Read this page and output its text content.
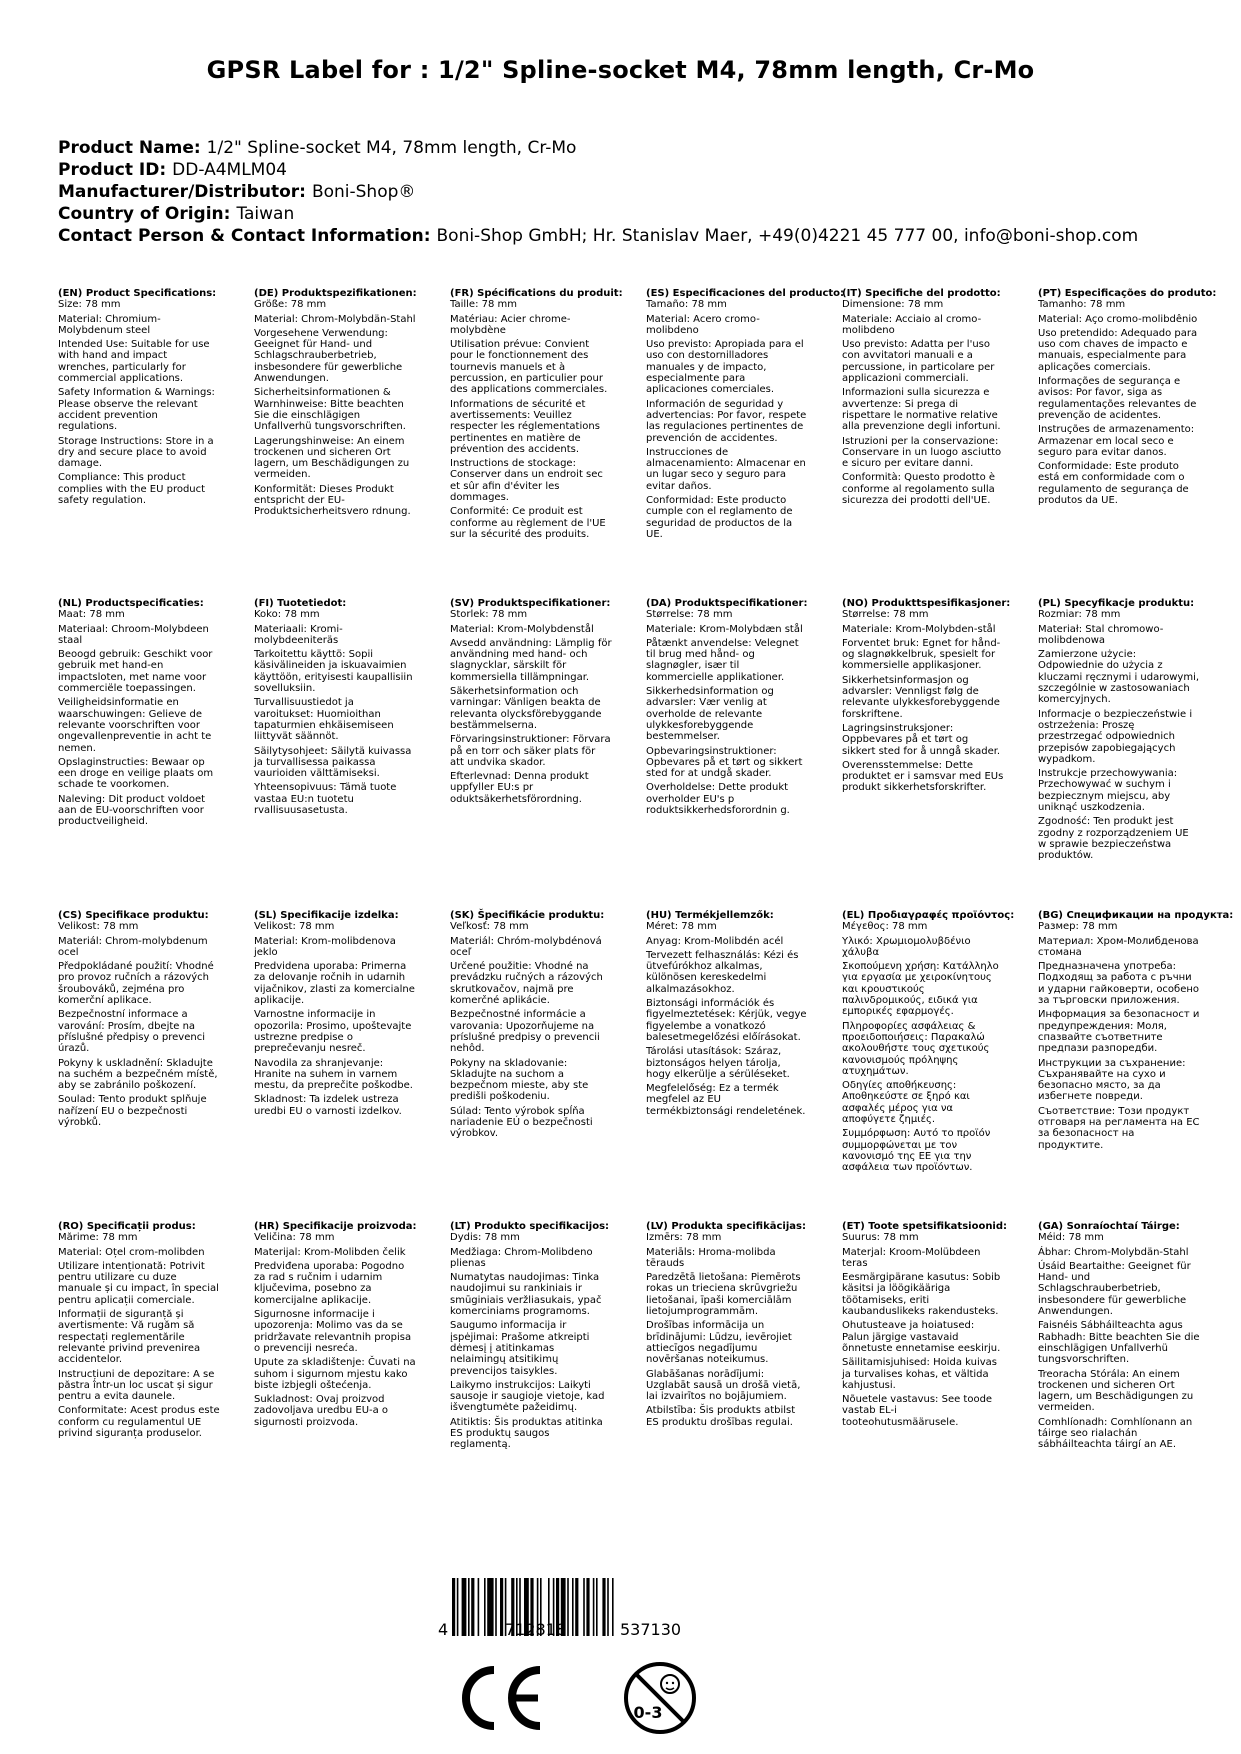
GPSR Label for : 1/2" Spline-socket M4, 78mm length, Cr-Mo
Product Name: 1/2" Spline-socket M4, 78mm length, Cr-Mo
Product ID: DD-A4MLM04
Manufacturer/Distributor: Boni-Shop®
Country of Origin: Taiwan
Contact Person & Contact Information: Boni-Shop GmbH; Hr. Stanislav Maer, +49(0)4221 45 777 00, info@boni-shop.com
(EN) Product Specifications:
Size: 78 mm
Material: Chromium-Molybdenum steel
Intended Use: Suitable for use with hand and impact wrenches, particularly for commercial applications.
Safety Information & Warnings: Please observe the relevant accident prevention regulations.
Storage Instructions: Store in a dry and secure place to avoid damage.
Compliance: This product complies with the EU product safety regulation.
(DE) Produktspezifikationen:
Größe: 78 mm
Material: Chrom-Molybdän-Stahl
Vorgesehene Verwendung: Geeignet für Hand- und Schlagschrauberbetrieb, insbesondere für gewerbliche Anwendungen.
Sicherheitsinformationen & Warnhinweise: Bitte beachten Sie die einschlägigen Unfallverhü tungsvorschriften.
Lagerungshinweise: An einem trockenen und sicheren Ort lagern, um Beschädigungen zu vermeiden.
Konformität: Dieses Produkt entspricht der EU-Produktsicherheitsvero rdnung.
(FR) Spécifications du produit:
Taille: 78 mm
Matériau: Acier chrome-molybdène
Utilisation prévue: Convient pour le fonctionnement des tournevis manuels et à percussion, en particulier pour des applications commerciales.
Informations de sécurité et avertissements: Veuillez respecter les réglementations pertinentes en matière de prévention des accidents.
Instructions de stockage: Conserver dans un endroit sec et sûr afin d'éviter les dommages.
Conformité: Ce produit est conforme au règlement de l'UE sur la sécurité des produits.
(ES) Especificaciones del producto:
Tamaño: 78 mm
Material: Acero cromo-molibdeno
Uso previsto: Apropiada para el uso con destornilladores manuales y de impacto, especialmente para aplicaciones comerciales.
Información de seguridad y advertencias: Por favor, respete las regulaciones pertinentes de prevención de accidentes.
Instrucciones de almacenamiento: Almacenar en un lugar seco y seguro para evitar daños.
Conformidad: Este producto cumple con el reglamento de seguridad de productos de la UE.
(IT) Specifiche del prodotto:
Dimensione: 78 mm
Materiale: Acciaio al cromo-molibdeno
Uso previsto: Adatta per l'uso con avvitatori manuali e a percussione, in particolare per applicazioni commerciali.
Informazioni sulla sicurezza e avvertenze: Si prega di rispettare le normative relative alla prevenzione degli infortuni.
Istruzioni per la conservazione: Conservare in un luogo asciutto e sicuro per evitare danni.
Conformità: Questo prodotto è conforme al regolamento sulla sicurezza dei prodotti dell'UE.
(PT) Especificações do produto:
Tamanho: 78 mm
Material: Aço cromo-molibdênio
Uso pretendido: Adequado para uso com chaves de impacto e manuais, especialmente para aplicações comerciais.
Informações de segurança e avisos: Por favor, siga as regulamentações relevantes de prevenção de acidentes.
Instruções de armazenamento: Armazenar em local seco e seguro para evitar danos.
Conformidade: Este produto está em conformidade com o regulamento de segurança de produtos da UE.
(NL) Productspecificaties:
Maat: 78 mm
Materiaal: Chroom-Molybdeen staal
Beoogd gebruik: Geschikt voor gebruik met hand-en impactsloten, met name voor commerciële toepassingen.
Veiligheidsinformatie en waarschuwingen: Gelieve de relevante voorschriften voor ongevallenpreventie in acht te nemen.
Opslaginstructies: Bewaar op een droge en veilige plaats om schade te voorkomen.
Naleving: Dit product voldoet aan de EU-voorschriften voor productveiligheid.
(FI) Tuotetiedot:
Koko: 78 mm
Materiaali: Kromi-molybdeeniteräs
Tarkoitettu käyttö: Sopii käsivälineiden ja iskuavaimien käyttöön, erityisesti kaupallisiin sovelluksiin.
Turvallisuustiedot ja varoitukset: Huomioithan tapaturmien ehkäisemiseen liittyvät säännöt.
Säilytysohjeet: Säilytä kuivassa ja turvallisessa paikassa vaurioiden välttämiseksi.
Yhteensopivuus: Tämä tuote vastaa EU:n tuotetu rvallisuusasetusta.
(SV) Produktspecifikationer:
Storlek: 78 mm
Material: Krom-Molybdenstål
Avsedd användning: Lämplig för användning med hand- och slagnycklar, särskilt för kommersiella tillämpningar.
Säkerhetsinformation och varningar: Vänligen beakta de relevanta olycksförebyggande bestämmelserna.
Förvaringsinstruktioner: Förvara på en torr och säker plats för att undvika skador.
Efterlevnad: Denna produkt uppfyller EU:s pr oduktsäkerhetsförordning.
(DA) Produktspecifikationer:
Størrelse: 78 mm
Materiale: Krom-Molybdæn stål
Påtænkt anvendelse: Velegnet til brug med hånd- og slagnøgler, især til kommercielle applikationer.
Sikkerhedsinformation og advarsler: Vær venlig at overholde de relevante ulykkesforebyggende bestemmelser.
Opbevaringsinstruktioner: Opbevares på et tørt og sikkert sted for at undgå skader.
Overholdelse: Dette produkt overholder EU's p roduktsikkerhedsforordnin g.
(NO) Produkttspesifikasjoner:
Størrelse: 78 mm
Materiale: Krom-Molybden-stål
Forventet bruk: Egnet for hånd- og slagnøkkelbruk, spesielt for kommersielle applikasjoner.
Sikkerhetsinformasjon og advarsler: Vennligst følg de relevante ulykkesforebyggende forskriftene.
Lagringsinstruksjoner: Oppbevares på et tørt og sikkert sted for å unngå skader.
Overensstemmelse: Dette produktet er i samsvar med EUs produkt sikkerhetsforskrifter.
(PL) Specyfikacje produktu:
Rozmiar: 78 mm
Materiał: Stal chromowo-molibdenowa
Zamierzone użycie: Odpowiednie do użycia z kluczami ręcznymi i udarowymi, szczególnie w zastosowaniach komercyjnych.
Informacje o bezpieczeństwie i ostrzeżenia: Proszę przestrzegać odpowiednich przepisów zapobiegających wypadkom.
Instrukcje przechowywania: Przechowywać w suchym i bezpiecznym miejscu, aby uniknąć uszkodzenia.
Zgodność: Ten produkt jest zgodny z rozporządzeniem UE w sprawie bezpieczeństwa produktów.
(CS) Specifikace produktu:
Velikost: 78 mm
Materiál: Chrom-molybdenum ocel
Předpokládané použití: Vhodné pro provoz ručních a rázových šroubováků, zejména pro komerční aplikace.
Bezpečnostní informace a varování: Prosím, dbejte na příslušné předpisy o prevenci úrazů.
Pokyny k uskladnění: Skladujte na suchém a bezpečném místě, aby se zabránilo poškození.
Soulad: Tento produkt splňuje nařízení EU o bezpečnosti výrobků.
(SL) Specifikacije izdelka:
Velikost: 78 mm
Material: Krom-molibdenova jeklo
Predvidena uporaba: Primerna za delovanje ročnih in udarnih vijačnikov, zlasti za komercialne aplikacije.
Varnostne informacije in opozorila: Prosimo, upoštevajte ustrezne predpise o preprečevanju nesreč.
Navodila za shranjevanje: Hranite na suhem in varnem mestu, da preprečite poškodbe.
Skladnost: Ta izdelek ustreza uredbi EU o varnosti izdelkov.
(SK) Špecifikácie produktu:
Veľkosť: 78 mm
Materiál: Chróm-molybdénová oceľ
Určené použitie: Vhodné na prevádzku ručných a rázových skrutkovačov, najmä pre komerčné aplikácie.
Bezpečnostné informácie a varovania: Upozorňujeme na príslušné predpisy o prevencii nehôd.
Pokyny na skladovanie: Skladujte na suchom a bezpečnom mieste, aby ste predišli poškodeniu.
Súlad: Tento výrobok spĺňa nariadenie EÚ o bezpečnosti výrobkov.
(HU) Termékjellemzők:
Méret: 78 mm
Anyag: Krom-Molibdén acél
Tervezett felhasználás: Kézi és ütvefúrókhoz alkalmas, különösen kereskedelmi alkalmazásokhoz.
Biztonsági információk és figyelmeztetések: Kérjük, vegye figyelembe a vonatkozó balesetmegelőzési előírásokat.
Tárolási utasítások: Száraz, biztonságos helyen tárolja, hogy elkerülje a sérüléseket.
Megfelelőség: Ez a termék megfelel az EU termékbiztonsági rendeletének.
(EL) Προδιαγραφές προϊόντος:
Μέγεθος: 78 mm
Υλικό: Χρωμιομολυβδένιο χάλυβα
Σκοπούμενη χρήση: Κατάλληλο για εργασία με χειροκίνητους και κρουστικούς παλινδρομικούς, ειδικά για εμπορικές εφαρμογές.
Πληροφορίες ασφάλειας & προειδοποιήσεις: Παρακαλώ ακολουθήστε τους σχετικούς κανονισμούς πρόληψης ατυχημάτων.
Οδηγίες αποθήκευσης: Αποθηκεύστε σε ξηρό και ασφαλές μέρος για να αποφύγετε ζημιές.
Συμμόρφωση: Αυτό το προϊόν συμμορφώνεται με τον κανονισμό της ΕΕ για την ασφάλεια των προϊόντων.
(BG) Спецификации на продукта:
Размер: 78 mm
Материал: Хром-Молибденова стомана
Предназначена употреба: Подходящ за работа с ръчни и ударни гайковерти, особено за търговски приложения.
Информация за безопасност и предупреждения: Моля, спазвайте съответните предпази разпоредби.
Инструкции за съхранение: Съхранявайте на сухо и безопасно място, за да избегнете повреди.
Съответствие: Този продукт отговаря на регламента на ЕС за безопасност на продуктите.
(RO) Specificații produs:
Mărime: 78 mm
Material: Oțel crom-molibden
Utilizare intenționată: Potrivit pentru utilizare cu duze manuale și cu impact, în special pentru aplicații comerciale.
Informații de siguranță și avertismente: Vă rugăm să respectați reglementările relevante privind prevenirea accidentelor.
Instrucțiuni de depozitare: A se păstra într-un loc uscat și sigur pentru a evita daunele.
Conformitate: Acest produs este conform cu regulamentul UE privind siguranța produselor.
(HR) Specifikacije proizvoda:
Veličina: 78 mm
Materijal: Krom-Molibden čelik
Predviđena uporaba: Pogodno za rad s ručnim i udarnim ključevima, posebno za komercijalne aplikacije.
Sigurnosne informacije i upozorenja: Molimo vas da se pridržavate relevantnih propisa o prevenciji nesreća.
Upute za skladištenje: Čuvati na suhom i sigurnom mjestu kako biste izbjegli oštećenja.
Sukladnost: Ovaj proizvod zadovoljava uredbu EU-a o sigurnosti proizvoda.
(LT) Produkto specifikacijos:
Dydis: 78 mm
Medžiaga: Chrom-Molibdeno plienas
Numatytas naudojimas: Tinka naudojimui su rankiniais ir smūginiais veržliasukais, ypač komerciniams programoms.
Saugumo informacija ir įspėjimai: Prašome atkreipti dėmesį į atitinkamas nelaimingų atsitikimų prevencijos taisykles.
Laikymo instrukcijos: Laikyti sausoje ir saugioje vietoje, kad išvengtumėte pažeidimų.
Atitiktis: Šis produktas atitinka ES produktų saugos reglamentą.
(LV) Produkta specifikācijas:
Izmērs: 78 mm
Materiāls: Hroma-molibda tērauds
Paredzētā lietošana: Piemērots rokas un trieciena skrūvgriežu lietošanai, īpaši komerciālām lietojumprogrammām.
Drošības informācija un brīdinājumi: Lūdzu, ievērojiet attiecīgos negadījumu novēršanas noteikumus.
Glabāšanas norādījumi: Uzglabāt sausā un drošā vietā, lai izvairītos no bojājumiem.
Atbilstība: Šis produkts atbilst ES produktu drošības regulai.
(ET) Toote spetsifikatsioonid:
Suurus: 78 mm
Materjal: Kroom-Molübdeen teras
Eesmärgipärane kasutus: Sobib käsitsi ja löögikääriga töötamiseks, eriti kaubanduslikeks rakendusteks.
Ohutusteave ja hoiatused: Palun järgige vastavaid õnnetuste ennetamise eeskirju.
Säilitamisjuhised: Hoida kuivas ja turvalises kohas, et vältida kahjustusi.
Nõuetele vastavus: See toode vastab EL-i tooteohutusmäärusele.
(GA) Sonraíochtaí Táirge:
Méid: 78 mm
Ábhar: Chrom-Molybdän-Stahl
Úsáid Beartaithe: Geeignet für Hand- und Schlagschrauberbetrieb, insbesondere für gewerbliche Anwendungen.
Faisnéis Sábháilteachta agus Rabhadh: Bitte beachten Sie die einschlägigen Unfallverhü tungsvorschriften.
Treoracha Stórála: An einem trockenen und sicheren Ort lagern, um Beschädigungen zu vermeiden.
Comhlíonadh: Comhlíonann an táirge seo rialachán sábháilteachta táirgí an AE.
4	712818	537130
0-3
